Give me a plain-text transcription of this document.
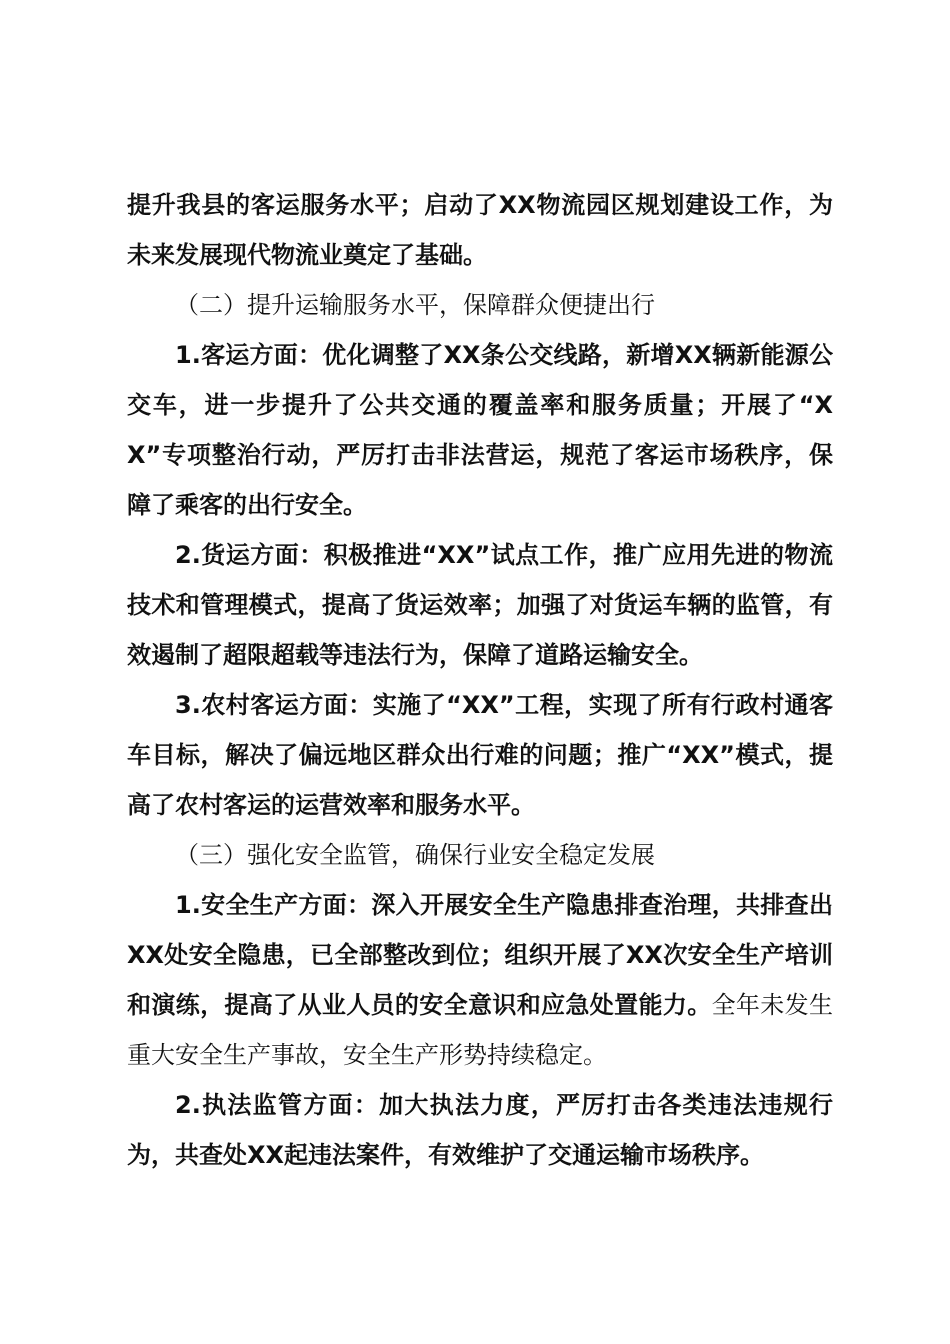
提升我县的客运服务水平；启动了XX物流园区规划建设工作，为未来发展现代物流业奠定了基础。

（二）提升运输服务水平，保障群众便捷出行

1.客运方面：优化调整了XX条公交线路，新增XX辆新能源公交车，进一步提升了公共交通的覆盖率和服务质量；开展了“XX”专项整治行动，严厉打击非法营运，规范了客运市场秩序，保障了乘客的出行安全。

2.货运方面：积极推进“XX”试点工作，推广应用先进的物流技术和管理模式，提高了货运效率；加强了对货运车辆的监管，有效遏制了超限超载等违法行为，保障了道路运输安全。

3.农村客运方面：实施了“XX”工程，实现了所有行政村通客车目标，解决了偏远地区群众出行难的问题；推广“XX”模式，提高了农村客运的运营效率和服务水平。

（三）强化安全监管，确保行业安全稳定发展

1.安全生产方面：深入开展安全生产隐患排查治理，共排查出XX处安全隐患，已全部整改到位；组织开展了XX次安全生产培训和演练，提高了从业人员的安全意识和应急处置能力。全年未发生重大安全生产事故，安全生产形势持续稳定。

2.执法监管方面：加大执法力度，严厉打击各类违法违规行为，共查处XX起违法案件，有效维护了交通运输市场秩序。
